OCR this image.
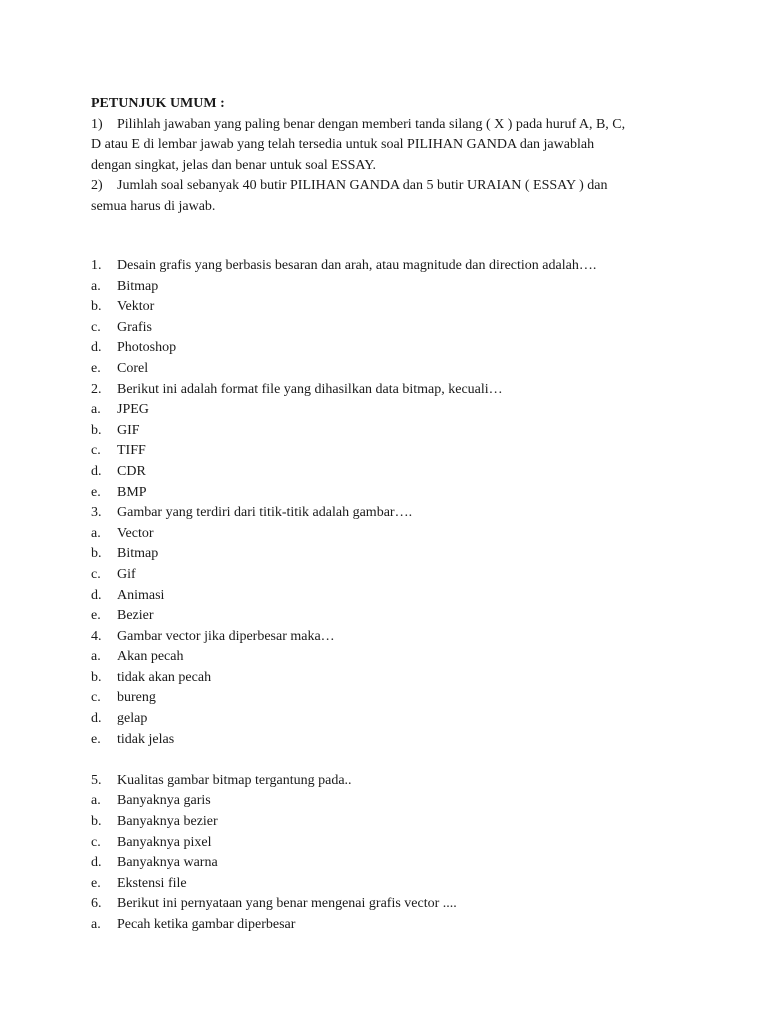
PETUNJUK UMUM :
1) Pilihlah jawaban yang paling benar dengan memberi tanda silang ( X ) pada huruf A, B, C,
D atau E di lembar jawab yang telah tersedia untuk soal PILIHAN GANDA dan jawablah
dengan singkat, jelas dan benar untuk soal ESSAY.
2) Jumlah soal sebanyak 40 butir PILIHAN GANDA dan 5 butir URAIAN ( ESSAY ) dan
semua harus di jawab.
1.	Desain grafis yang berbasis besaran dan arah, atau magnitude dan direction adalah….
a.	Bitmap
b.	Vektor
c.	Grafis
d.	Photoshop
e.	Corel
2.	Berikut ini adalah format file yang dihasilkan data bitmap, kecuali…
a.	JPEG
b.	GIF
c.	TIFF
d.	CDR
e.	BMP
3.	Gambar yang terdiri dari titik-titik adalah gambar….
a.	Vector
b.	Bitmap
c.	Gif
d.	Animasi
e.	Bezier
4.	Gambar vector jika diperbesar maka…
a.	Akan pecah
b.	tidak akan pecah
c.	bureng
d.	gelap
e.	tidak jelas
5.	Kualitas gambar bitmap tergantung pada..
a.	Banyaknya garis
b.	Banyaknya bezier
c.	Banyaknya pixel
d.	Banyaknya warna
e.	Ekstensi file
6.	Berikut ini pernyataan yang benar mengenai grafis vector ....
a.	Pecah ketika gambar diperbesar
